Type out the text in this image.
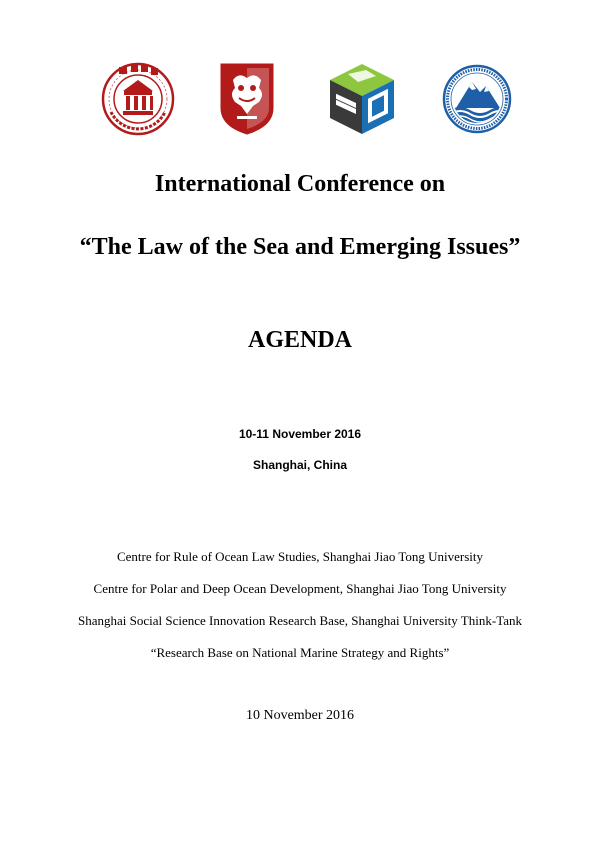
International Conference on
“The Law of the Sea and Emerging Issues”
AGENDA
10-11 November 2016
Shanghai, China
Centre for Rule of Ocean Law Studies, Shanghai Jiao Tong University
Centre for Polar and Deep Ocean Development, Shanghai Jiao Tong University
Shanghai Social Science Innovation Research Base, Shanghai University Think-Tank
“Research Base on National Marine Strategy and Rights”
10 November 2016
